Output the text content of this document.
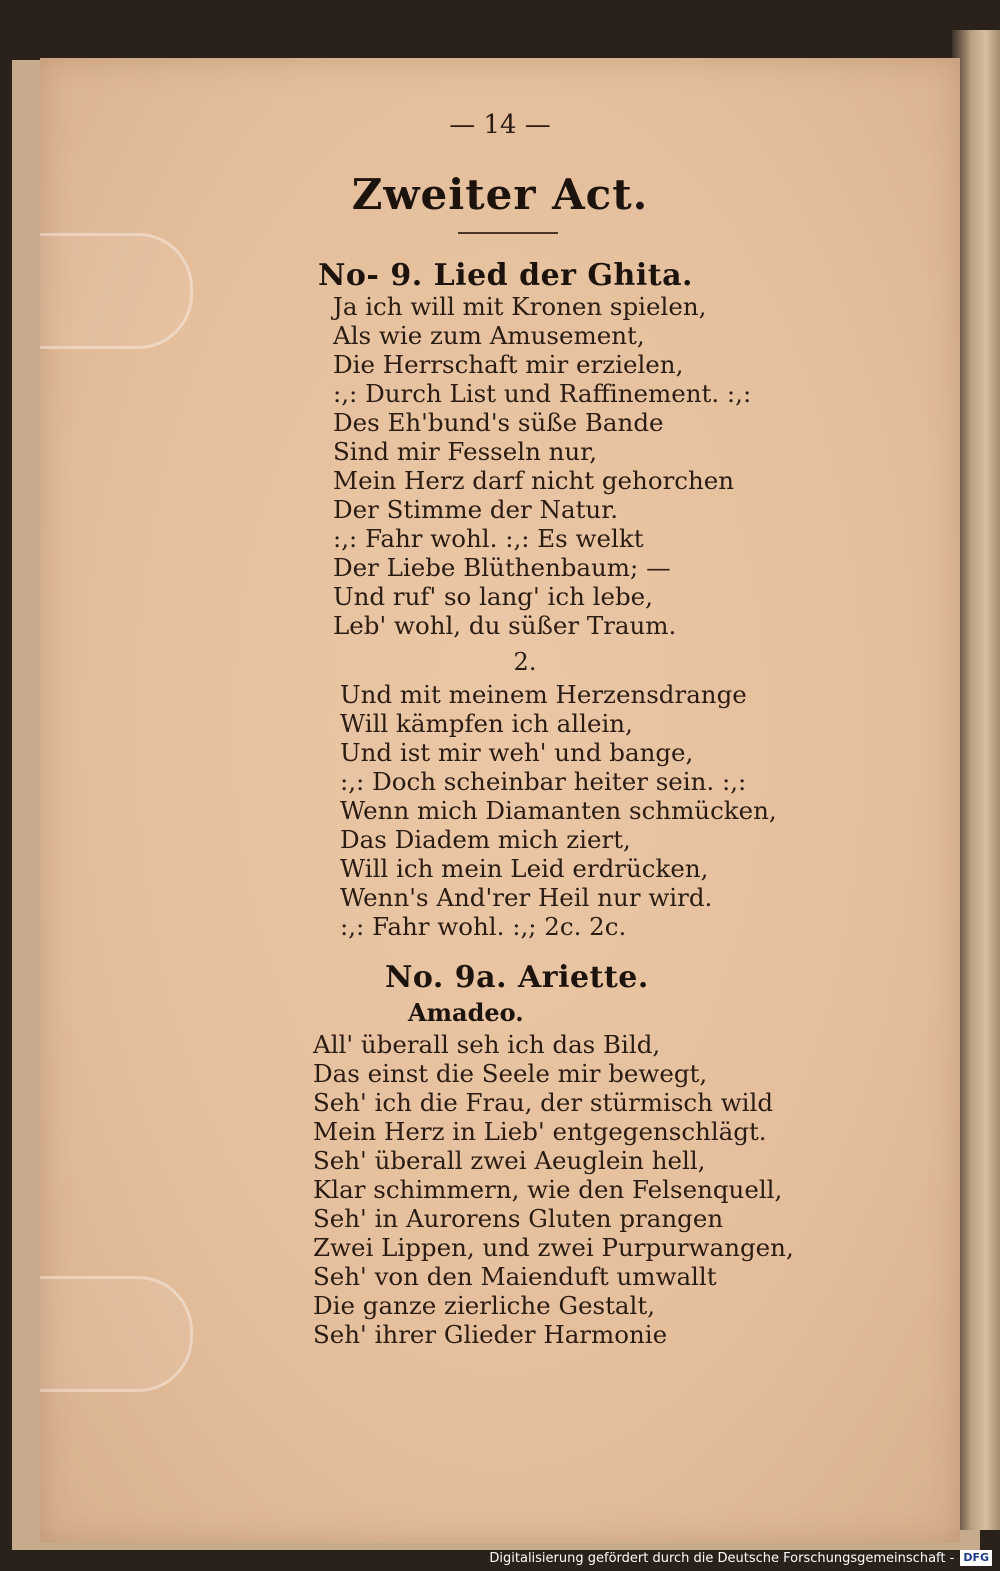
— 14 —
Zweiter Act.
No- 9. Lied der Ghita.
Ja ich will mit Kronen spielen,
Als wie zum Amusement,
Die Herrschaft mir erzielen,
:,: Durch List und Raffinement. :,:
Des Eh'bund's süße Bande
Sind mir Fesseln nur,
Mein Herz darf nicht gehorchen
Der Stimme der Natur.
:,: Fahr wohl. :,: Es welkt
Der Liebe Blüthenbaum; —
Und ruf' so lang' ich lebe,
Leb' wohl, du süßer Traum.
2.
Und mit meinem Herzensdrange
Will kämpfen ich allein,
Und ist mir weh' und bange,
:,: Doch scheinbar heiter sein. :,:
Wenn mich Diamanten schmücken,
Das Diadem mich ziert,
Will ich mein Leid erdrücken,
Wenn's And'rer Heil nur wird.
:,: Fahr wohl. :,; 2c. 2c.
No. 9a. Ariette.
Amadeo.
All' überall seh ich das Bild,
Das einst die Seele mir bewegt,
Seh' ich die Frau, der stürmisch wild
Mein Herz in Lieb' entgegenschlägt.
Seh' überall zwei Aeuglein hell,
Klar schimmern, wie den Felsenquell,
Seh' in Aurorens Gluten prangen
Zwei Lippen, und zwei Purpurwangen,
Seh' von den Maienduft umwallt
Die ganze zierliche Gestalt,
Seh' ihrer Glieder Harmonie
Digitalisierung gefördert durch die Deutsche Forschungsgemeinschaft - DFG
